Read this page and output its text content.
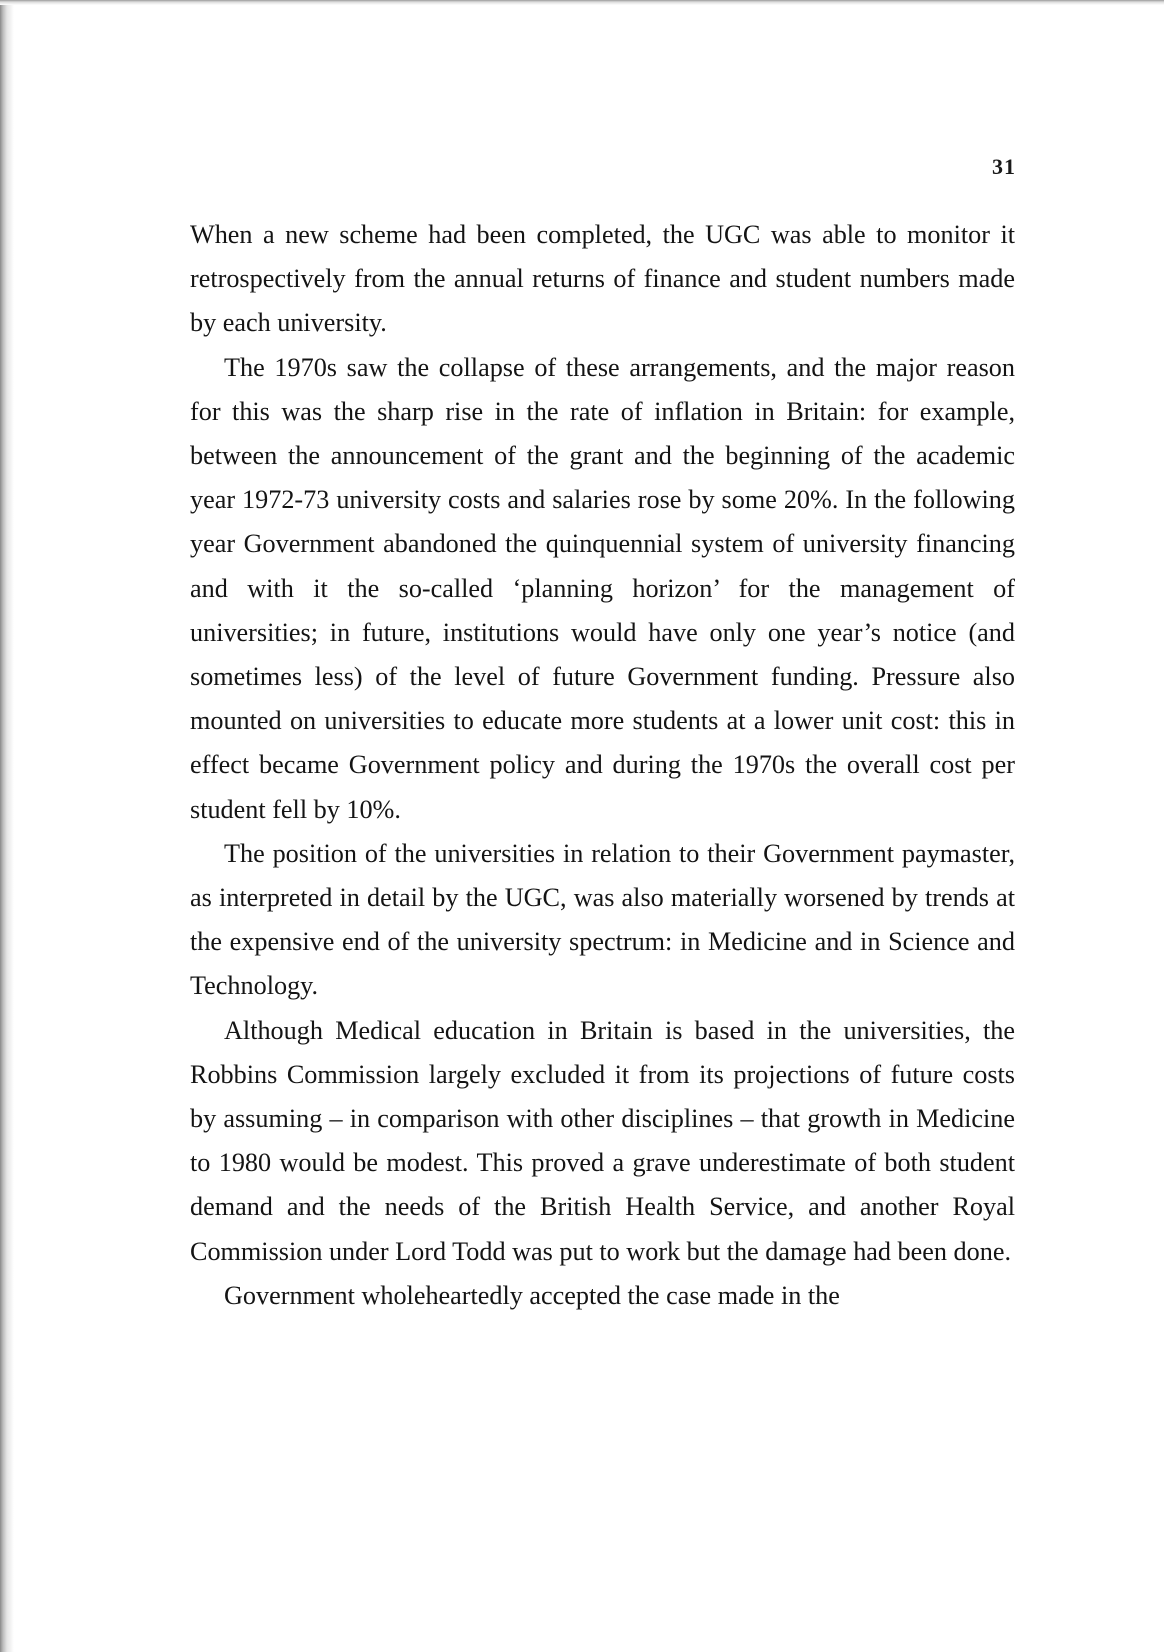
31

When a new scheme had been completed, the UGC was able to monitor it retrospectively from the annual returns of finance and student numbers made by each university.

The 1970s saw the collapse of these arrangements, and the major reason for this was the sharp rise in the rate of inflation in Britain: for example, between the announcement of the grant and the beginning of the academic year 1972-73 university costs and salaries rose by some 20%. In the following year Government abandoned the quinquennial system of university financing and with it the so-called ‘planning horizon’ for the management of universities; in future, institutions would have only one year’s notice (and sometimes less) of the level of future Government funding. Pressure also mounted on universities to educate more students at a lower unit cost: this in effect became Government policy and during the 1970s the overall cost per student fell by 10%.

The position of the universities in relation to their Government paymaster, as interpreted in detail by the UGC, was also materially worsened by trends at the expensive end of the university spectrum: in Medicine and in Science and Technology.

Although Medical education in Britain is based in the universities, the Robbins Commission largely excluded it from its projections of future costs by assuming – in comparison with other disciplines – that growth in Medicine to 1980 would be modest. This proved a grave underestimate of both student demand and the needs of the British Health Service, and another Royal Commission under Lord Todd was put to work but the damage had been done.

Government wholeheartedly accepted the case made in the
